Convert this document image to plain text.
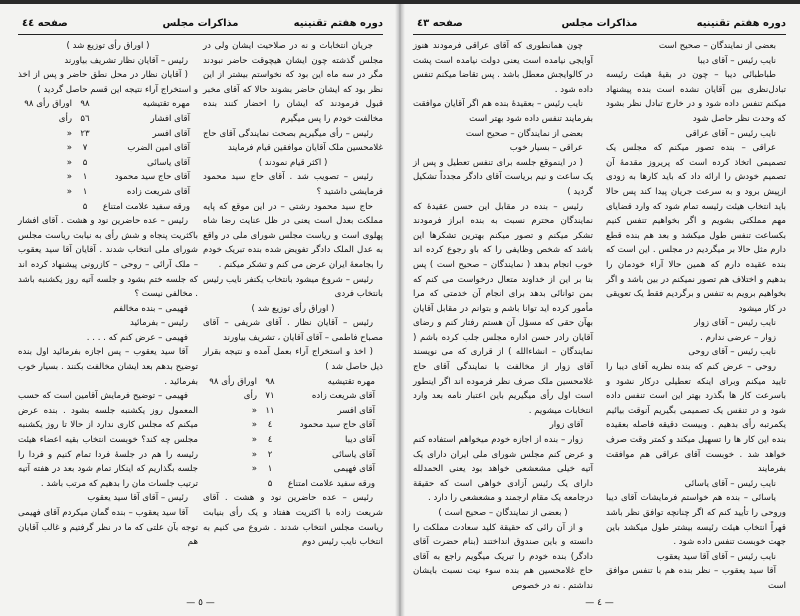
دوره هفتم تقنینیه
مذاکرات مجلس
صفحه ٤٤

جریان انتخابات و نه در صلاحیت ایشان ولی در مجلس گذشته چون ایشان هیچوقت حاضر نبودند مگر در سه ماه این بود که نخواستم بیشتر از این نظر بود که ایشان حاضر بشوند حالا که آقای مخبر قبول فرمودند که ایشان را احضار کنند بنده مخالفت خودم را پس میگیرم

رئیس – رأی میگیریم بصحت نمایندگی آقای حاج غلامحسین ملک آقایان موافقین قیام فرمایند

( اکثر قیام نمودند )

رئیس – تصویب شد . آقای حاج سید محمود فرمایشی داشتید ؟

حاج سید محمود رشتی – در این موقع که پایه مملکت بعدل است یعنی در ظل عنایت رضا شاه پهلوی است و ریاست مجلس شورای ملی در واقع به عدل الملک دادگر تفویض شده بنده تبریک خودم را بجامعهٔ ایران عرض می کنم و تشکر میکنم .

رئیس – شروع میشود بانتخاب یکنفر نایب رئیس بانتخاب فردی

( اوراق رأی توزیع شد )

رئیس – آقایان نظار . آقای شریفی – آقای مصباح فاطمی – آقای آقایان ، تشریف بیاورند

( اخذ و استخراج آراء بعمل آمده و نتیجه بقرار ذیل حاصل شد )

مهره تقتیشیه
۹۸
اوراق رأی ۹۸
آقای شریعت زاده
۷۱
رأی
آقای افسر
۱۱
«
آقای حاج سید محمود
٤
«
آقای دیبا
٤
«
آقای یاسائی
۲
«
آقای فهیمی
۱
«
ورقه سفید علامت امتناع
۵

رئیس – عده حاضرین نود و هشت . آقای شریعت زاده با اکثریت هفتاد و یک رأی بنیابت ریاست مجلس انتخاب شدند . شروع می کنیم به انتخاب نایب رئیس دوم

( اوراق رأی توزیع شد )

رئیس – آقایان نظار تشریف بیاورند

( آقایان نظار در محل نطق حاضر و پس از اخذ و استخراج آراء نتیجه این قسم حاصل گردید )

مهره تقتیشیه
۹۸
اوراق رأی ۹۸
آقای افشار
۵٦
رأی
آقای افسر
۲۳
«
آقای امین الضرب
۷
«
آقای یاسائی
۵
«
آقای حاج سید محمود
۱
«
آقای شریعت زاده
۱
«
ورقه سفید علامت امتناع
۵

رئیس – عده حاضرین نود و هشت . آقای افشار باکثریت پنجاه و شش رأی به نیابت ریاست مجلس شورای ملی انتخاب شدند . آقایان آقا سید یعقوب – ملک آرائی – روحی – کازرونی پیشنهاد کرده اند که جلسه ختم بشود و جلسه آتیه روز یکشنبه باشد . مخالفی نیست ؟

فهیمی – بنده مخالفم

رئیس – بفرمائید

فهیمی – عرض کنم که . . . .

آقا سید یعقوب – پس اجازه بفرمائید اول بنده توضیح بدهم بعد ایشان مخالفت بکنند . بسیار خوب بفرمائید .

فهیمی – توضیح فرمایش آقامین است که حسب المعمول روز یکشنبه جلسه بشود . بنده عرض میکنم که مجلس کاری ندارد از حالا تا روز یکشنبه مجلس چه کند؟ خوبست انتخاب بقیه اعضاء هیئت رئیسه را هم در جلسهٔ فردا تمام کنیم و فردا را جلسه بگذاریم که اینکار تمام شود بعد در هفته آتیه ترتیب جلسات مان را بدهیم که مرتب باشد .

رئیس – آقای آقا سید یعقوب

آقا سید یعقوب – بنده گمان میکردم آقای فهیمی توجه بآن علتی که ما در نظر گرفتیم و غالب آقایان هم

— ٥ —
دوره هفتم تقنینیه
مذاکرات مجلس
صفحه ٤۳

بعضی از نمایندگان – صحیح است

نایب رئیس – آقای دیبا

طباطبائی دیبا – چون در بقیهٔ هیئت رئیسه تبادل‌نظری بین آقایان نشده است بنده پیشنهاد میکنم تنفس داده شود و در خارج تبادل نظر بشود که وحدت نظر حاصل شود

نایب رئیس – آقای عراقی

عراقی – بنده تصور میکنم که مجلس یک تصمیمی اتخاذ کرده است که پریروز مقدمهٔ آن تصمیم خودش را ارائه داد که باید کارها به زودی ازپیش برود و به سرعت جریان پیدا کند پس حالا باید انتخاب هیئت رئیسه تمام شود که وارد قضایای مهم مملکتی بشویم و اگر بخواهیم تنفس کنیم بکساعت تنفس طول میکشد و بعد هم بنده قطع دارم مثل حالا بر میگردیم در مجلس . این است که بنده عقیده دارم که همین حالا آراء خودمان را بدهیم و اختلاف هم تصور نمیکنم در بین باشد و اگر بخواهیم برویم به تنفس و برگردیم فقط یک تعویقی در کار میشود

نایب رئیس – آقای زوار

زوار – عرضی ندارم .

نایب رئیس – آقای روحی

روحی – عرض کنم که بنده نظریه آقای دیبا را تایید میکنم وبرای اینکه تعطیلی درکار نشود و باسرعت کار ها بگذرد بهتر این است تنفس داده شود و در تنفس یک تصمیمی بگیریم آنوقت بیائیم یکمرتبه رأی بدهیم . وبیست دقیقه فاصله بعقیده بنده این کار ها را تسهیل میکند و کمتر وقت صرف خواهد شد . خوبست آقای عراقی هم موافقت بفرمایند

نایب رئیس – آقای یاسائی

یاسائی – بنده هم خواستم فرمایشات آقای دیبا وروحی را تأیید کنم که اگر چنانچه توافق نظر باشد قهراً انتخاب هیئت رئیسه بیشتر طول میکشد باین جهت خوبست تنفس داده شود .

نایب رئیس – آقای آقا سید یعقوب

آقا سید یعقوب – نظر بنده هم با تنفس موافق است

چون همانطوری که آقای عراقی فرمودند هنوز آوایجی نیامده است یعنی دولت نیامده است پشت در کالوایجش معطل باشد . پس تقاضا میکنم تنفس داده شود .

نایب رئیس – بعقیدهٔ بنده هم اگر آقایان موافقت بفرمایند تنفس داده شود بهتر است

بعضی از نمایندگان – صحیح است

عراقی – بسیار خوب

( در اینموقع جلسه برای تنفس تعطیل و پس از یک ساعت و نیم بریاست آقای دادگر مجدداً تشکیل گردید )

رئیس – بنده در مقابل این حسن عقیدهٔ که نمایندگان محترم نسبت به بنده ابراز فرمودند تشکر میکنم و تصور میکنم بهترین تشکرها این باشد که شخص وظایفی را که باو رجوع کرده اند خوب انجام بدهد ( نمایندگان – صحیح است ) پس بنا بر این از خداوند متعال درخواست می کنم که بمن توانائی بدهد برای انجام آن خدمتی که مرا مأمور کرده اید توانا باشم و بتوانم در مقابل آقایان بهآن حقی که مسؤل آن هستم رفتار کنم و رضای آقایان رادر حسن اداره مجلس جلب کرده باشم ( نمایندگان – انشاءالله ) از قراری که می نویسند آقای زوار از مخالفت با نمایندگی آقای حاج غلامحسین ملک صرف نظر فرموده اند اگر اینطور است اول رأی میگیریم باین اعتبار نامه بعد وارد انتخابات میشویم .

آقای زوار

زوار – بنده از اجازه خودم میخواهم استفاده کنم و عرض کنم مجلس شورای ملی ایران دارای یک آتیه خیلی مشعشعی خواهد بود یعنی الحمدلله دارای یک رئیس آزادی خواهی است که حقیقة درجامعه یک مقام ارجمند و مشعشعی را دارد .

( بعضی از نمایندگان – صحیح است )

و از آن رائی که حقیقة کلید سعادت مملکت را دانسته و باین صندوق انداختند (بنام حضرت آقای دادگر) بنده خودم را تبریک میگویم راجع به آقای حاج غلامحسین هم بنده سوء نیت نسبت بایشان نداشتم . نه در خصوص

— ٤ —
